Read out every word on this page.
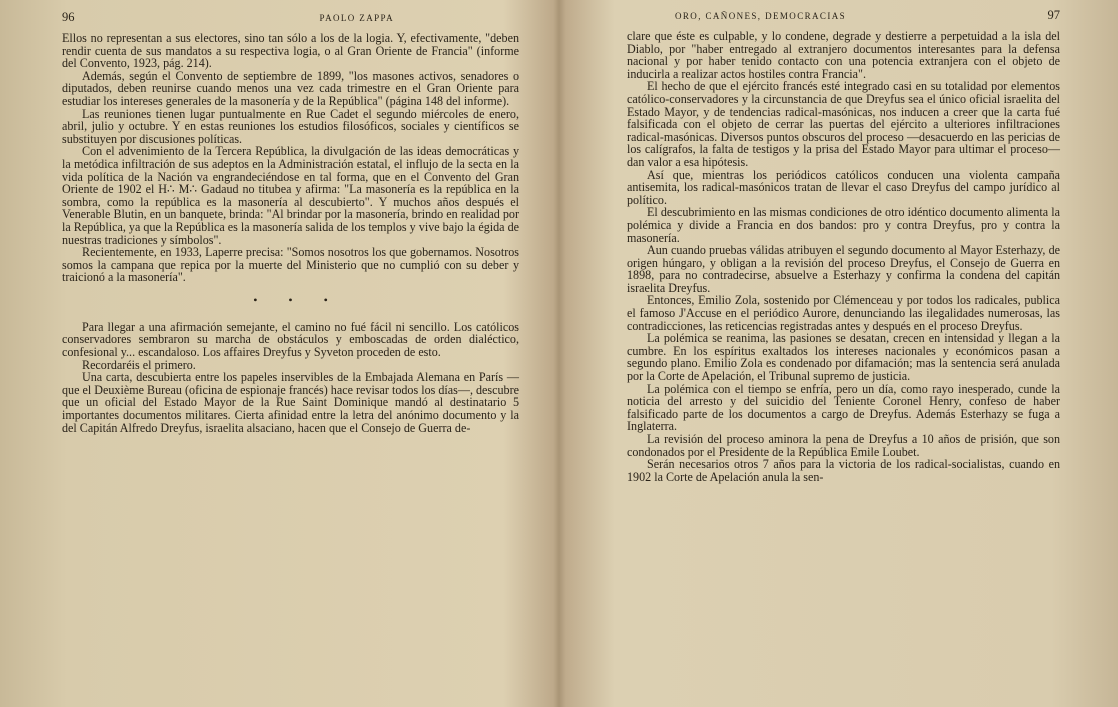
96	PAOLO ZAPPA

Ellos no representan a sus electores, sino tan sólo a los de la logia. Y, efectivamente, "deben rendir cuenta de sus mandatos a su respectiva logia, o al Gran Oriente de Francia" (informe del Convento, 1923, pág. 214).

Además, según el Convento de septiembre de 1899, "los masones activos, senadores o diputados, deben reunirse cuando menos una vez cada trimestre en el Gran Oriente para estudiar los intereses generales de la masonería y de la República" (página 148 del informe).

Las reuniones tienen lugar puntualmente en Rue Cadet el segundo miércoles de enero, abril, julio y octubre. Y en estas reuniones los estudios filosóficos, sociales y científicos se substituyen por discusiones políticas.

Con el advenimiento de la Tercera República, la divulgación de las ideas democráticas y la metódica infiltración de sus adeptos en la Administración estatal, el influjo de la secta en la vida política de la Nación va engrandeciéndose en tal forma, que en el Convento del Gran Oriente de 1902 el H∴ M∴ Gadaud no titubea y afirma: "La masonería es la república en la sombra, como la república es la masonería al descubierto". Y muchos años después el Venerable Blutin, en un banquete, brinda: "Al brindar por la masonería, brindo en realidad por la República, ya que la República es la masonería salida de los templos y vive bajo la égida de nuestras tradiciones y símbolos".

Recientemente, en 1933, Laperre precisa: "Somos nosotros los que gobernamos. Nosotros somos la campana que repica por la muerte del Ministerio que no cumplió con su deber y traicionó a la masonería".

• • •

Para llegar a una afirmación semejante, el camino no fué fácil ni sencillo. Los católicos conservadores sembraron su marcha de obstáculos y emboscadas de orden dialéctico, confesional y... escandaloso. Los affaires Dreyfus y Syveton proceden de esto.

Recordaréis el primero.

Una carta, descubierta entre los papeles inservibles de la Embajada Alemana en París —que el Deuxième Bureau (oficina de espionaje francés) hace revisar todos los días—, descubre que un oficial del Estado Mayor de la Rue Saint Dominique mandó al destinatario 5 importantes documentos militares. Cierta afinidad entre la letra del anónimo documento y la del Capitán Alfredo Dreyfus, israelita alsaciano, hacen que el Consejo de Guerra de-

ORO, CAÑONES, DEMOCRACIAS	97

clare que éste es culpable, y lo condene, degrade y destierre a perpetuidad a la isla del Diablo, por "haber entregado al extranjero documentos interesantes para la defensa nacional y por haber tenido contacto con una potencia extranjera con el objeto de inducirla a realizar actos hostiles contra Francia".

El hecho de que el ejército francés esté integrado casi en su totalidad por elementos católico-conservadores y la circunstancia de que Dreyfus sea el único oficial israelita del Estado Mayor, y de tendencias radical-masónicas, nos inducen a creer que la carta fué falsificada con el objeto de cerrar las puertas del ejército a ulteriores infiltraciones radical-masónicas. Diversos puntos obscuros del proceso —desacuerdo en las pericias de los calígrafos, la falta de testigos y la prisa del Estado Mayor para ultimar el proceso— dan valor a esa hipótesis.

Así que, mientras los periódicos católicos conducen una violenta campaña antisemita, los radical-masónicos tratan de llevar el caso Dreyfus del campo jurídico al político.

El descubrimiento en las mismas condiciones de otro idéntico documento alimenta la polémica y divide a Francia en dos bandos: pro y contra Dreyfus, pro y contra la masonería.

Aun cuando pruebas válidas atribuyen el segundo documento al Mayor Esterhazy, de origen húngaro, y obligan a la revisión del proceso Dreyfus, el Consejo de Guerra en 1898, para no contradecirse, absuelve a Esterhazy y confirma la condena del capitán israelita Dreyfus.

Entonces, Emilio Zola, sostenido por Clémenceau y por todos los radicales, publica el famoso J'Accuse en el periódico Aurore, denunciando las ilegalidades numerosas, las contradicciones, las reticencias registradas antes y después en el proceso Dreyfus.

La polémica se reanima, las pasiones se desatan, crecen en intensidad y llegan a la cumbre. En los espíritus exaltados los intereses nacionales y económicos pasan a segundo plano. Emilio Zola es condenado por difamación; mas la sentencia será anulada por la Corte de Apelación, el Tribunal supremo de justicia.

La polémica con el tiempo se enfría, pero un día, como rayo inesperado, cunde la noticia del arresto y del suicidio del Teniente Coronel Henry, confeso de haber falsificado parte de los documentos a cargo de Dreyfus. Además Esterhazy se fuga a Inglaterra.

La revisión del proceso aminora la pena de Dreyfus a 10 años de prisión, que son condonados por el Presidente de la República Emile Loubet.

Serán necesarios otros 7 años para la victoria de los radical-socialistas, cuando en 1902 la Corte de Apelación anula la sen-
